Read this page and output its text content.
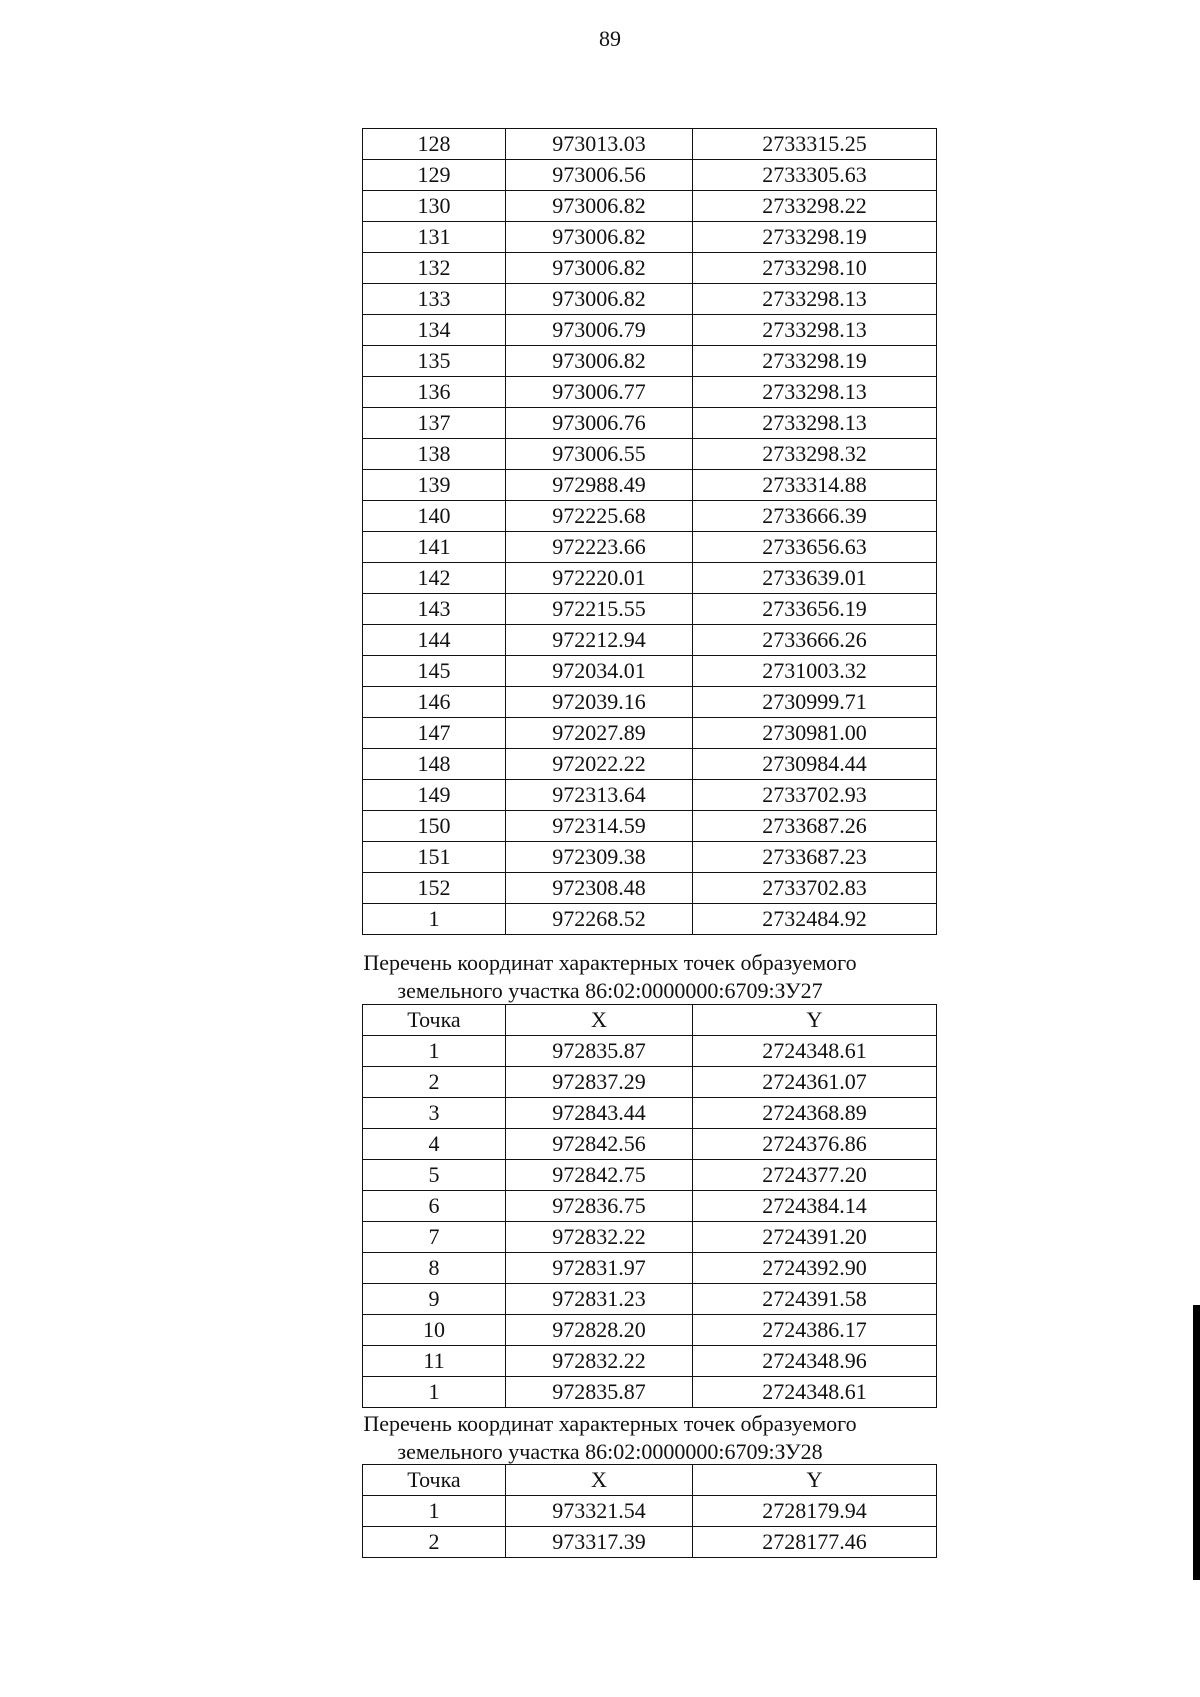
89
128	973013.03	2733315.25
129	973006.56	2733305.63
130	973006.82	2733298.22
131	973006.82	2733298.19
132	973006.82	2733298.10
133	973006.82	2733298.13
134	973006.79	2733298.13
135	973006.82	2733298.19
136	973006.77	2733298.13
137	973006.76	2733298.13
138	973006.55	2733298.32
139	972988.49	2733314.88
140	972225.68	2733666.39
141	972223.66	2733656.63
142	972220.01	2733639.01
143	972215.55	2733656.19
144	972212.94	2733666.26
145	972034.01	2731003.32
146	972039.16	2730999.71
147	972027.89	2730981.00
148	972022.22	2730984.44
149	972313.64	2733702.93
150	972314.59	2733687.26
151	972309.38	2733687.23
152	972308.48	2733702.83
1	972268.52	2732484.92
Перечень координат характерных точек образуемого
земельного участка 86:02:0000000:6709:ЗУ27
Точка	X	Y
1	972835.87	2724348.61
2	972837.29	2724361.07
3	972843.44	2724368.89
4	972842.56	2724376.86
5	972842.75	2724377.20
6	972836.75	2724384.14
7	972832.22	2724391.20
8	972831.97	2724392.90
9	972831.23	2724391.58
10	972828.20	2724386.17
11	972832.22	2724348.96
1	972835.87	2724348.61
Перечень координат характерных точек образуемого
земельного участка 86:02:0000000:6709:ЗУ28
Точка	X	Y
1	973321.54	2728179.94
2	973317.39	2728177.46
